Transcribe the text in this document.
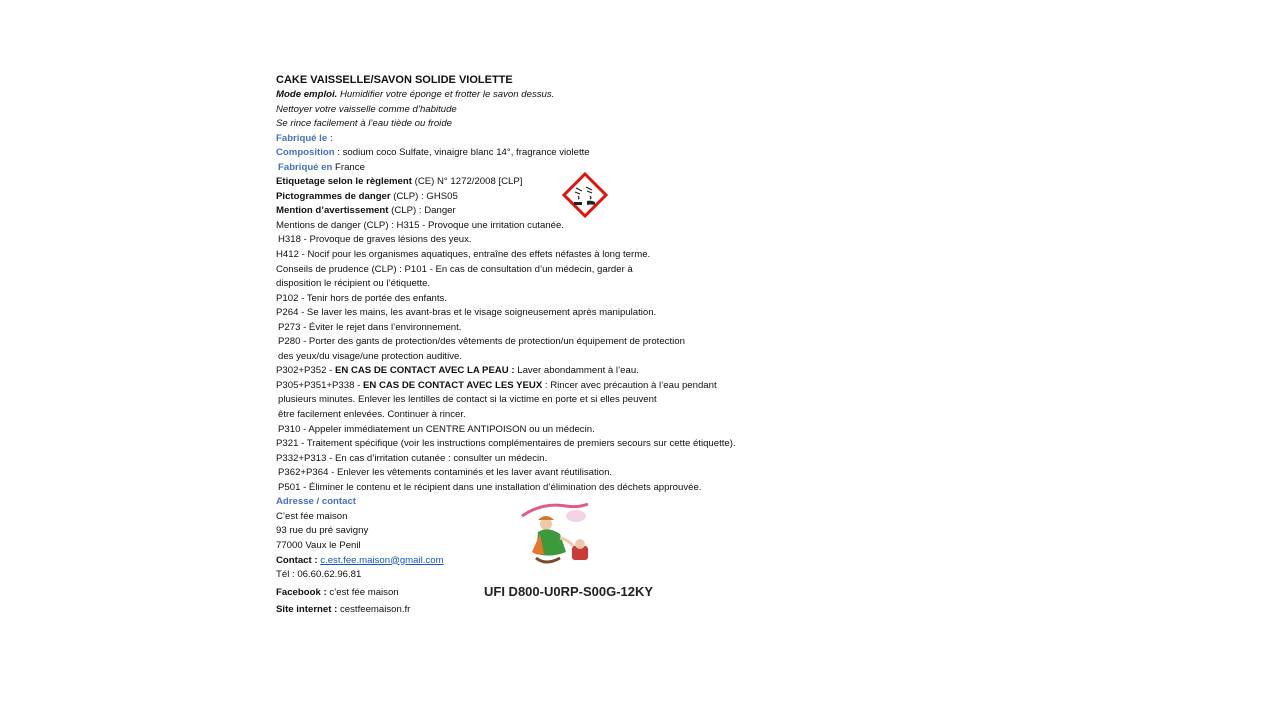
CAKE VAISSELLE/SAVON SOLIDE VIOLETTE
Mode emploi. Humidifier votre éponge et frotter le savon dessus.
Nettoyer votre vaisselle comme d’habitude
Se rince facilement à l’eau tiède ou froide
Fabriqué le :
Composition : sodium coco Sulfate, vinaigre blanc 14°, fragrance violette
Fabriqué en France
Etiquetage selon le règlement (CE) N° 1272/2008 [CLP]
Pictogrammes de danger (CLP) : GHS05
Mention d’avertissement (CLP) : Danger
Mentions de danger (CLP) : H315 - Provoque une irritation cutanée.
H318 - Provoque de graves lésions des yeux.
H412 - Nocif pour les organismes aquatiques, entraîne des effets néfastes à long terme.
Conseils de prudence (CLP) : P101 - En cas de consultation d’un médecin, garder à
disposition le récipient ou l’étiquette.
P102 - Tenir hors de portée des enfants.
P264 - Se laver les mains, les avant-bras et le visage soigneusement après manipulation.
P273 - Éviter le rejet dans l’environnement.
P280 - Porter des gants de protection/des vêtements de protection/un équipement de protection
des yeux/du visage/une protection auditive.
P302+P352 - EN CAS DE CONTACT AVEC LA PEAU : Laver abondamment à l’eau.
P305+P351+P338 - EN CAS DE CONTACT AVEC LES YEUX : Rincer avec précaution à l’eau pendant
plusieurs minutes. Enlever les lentilles de contact si la victime en porte et si elles peuvent
être facilement enlevées. Continuer à rincer.
P310 - Appeler immédiatement un CENTRE ANTIPOISON ou un médecin.
P321 - Traitement spécifique (voir les instructions complémentaires de premiers secours sur cette étiquette).
P332+P313 - En cas d’irritation cutanée : consulter un médecin.
P362+P364 - Enlever les vêtements contaminés et les laver avant réutilisation.
P501 - Éliminer le contenu et le récipient dans une installation d’élimination des déchets approuvée.
Adresse / contact
C’est fée maison
93 rue du pré savigny
77000 Vaux le Penil
Contact : c.est.fee.maison@gmail.com
Tél : 06.60.62.96.81
Facebook : c’est fée maison
Site internet : cestfeemaison.fr
UFI D800-U0RP-S00G-12KY
